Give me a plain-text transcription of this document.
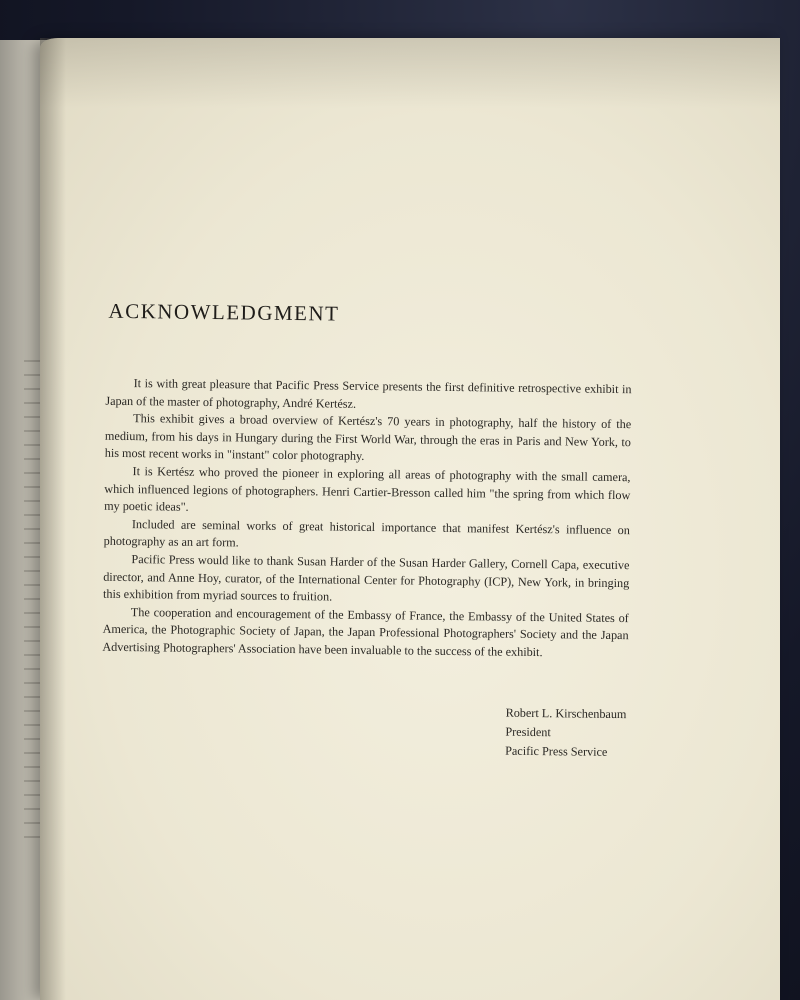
ACKNOWLEDGMENT

It is with great pleasure that Pacific Press Service presents the first definitive retrospective exhibit in Japan of the master of photography, André Kertész.

This exhibit gives a broad overview of Kertész's 70 years in photography, half the history of the medium, from his days in Hungary during the First World War, through the eras in Paris and New York, to his most recent works in "instant" color photography.

It is Kertész who proved the pioneer in exploring all areas of photography with the small camera, which influenced legions of photographers. Henri Cartier-Bresson called him "the spring from which flow my poetic ideas".

Included are seminal works of great historical importance that manifest Kertész's influence on photography as an art form.

Pacific Press would like to thank Susan Harder of the Susan Harder Gallery, Cornell Capa, executive director, and Anne Hoy, curator, of the International Center for Photography (ICP), New York, in bringing this exhibition from myriad sources to fruition.

The cooperation and encouragement of the Embassy of France, the Embassy of the United States of America, the Photographic Society of Japan, the Japan Professional Photographers' Society and the Japan Advertising Photographers' Association have been invaluable to the success of the exhibit.

Robert L. Kirschenbaum

President

Pacific Press Service
